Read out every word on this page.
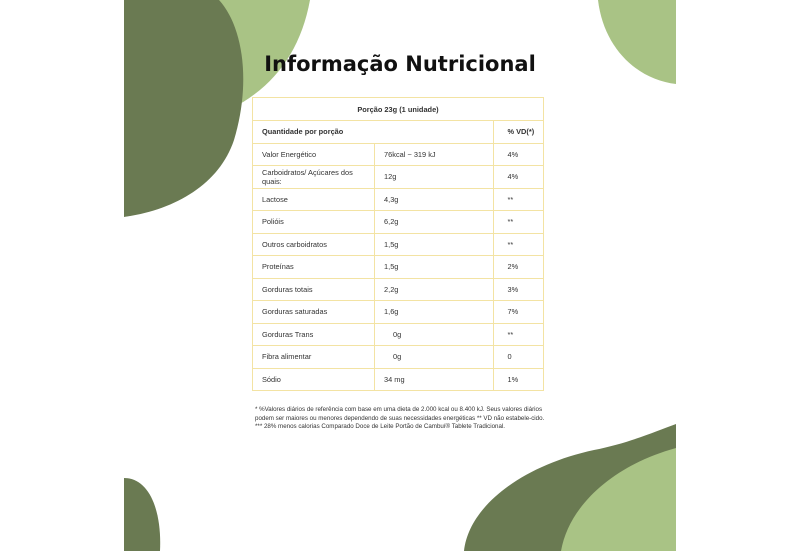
Informação Nutricional
Porção 23g (1 unidade)		
Quantidade por porção		% VD(*)
Valor Energético	76kcal ~ 319 kJ	4%
Carboidratos/ Açúcares dos quais:	12g	4%
Lactose	4,3g	**
Polióis	6,2g	**
Outros carboidratos	1,5g	**
Proteínas	1,5g	2%
Gorduras totais	2,2g	3%
Gorduras saturadas	1,6g	7%
Gorduras Trans	0g	**
Fibra alimentar	0g	0
Sódio	34 mg	1%
* %Valores diários de referência com base em uma dieta de 2.000 kcal ou 8.400 kJ. Seus valores diários
podem ser maiores ou menores dependendo de suas necessidades energéticas ** VD não estabele-cido.
*** 28% menos calorias Comparado Doce de Leite Portão de Cambuí® Tablete Tradicional.
